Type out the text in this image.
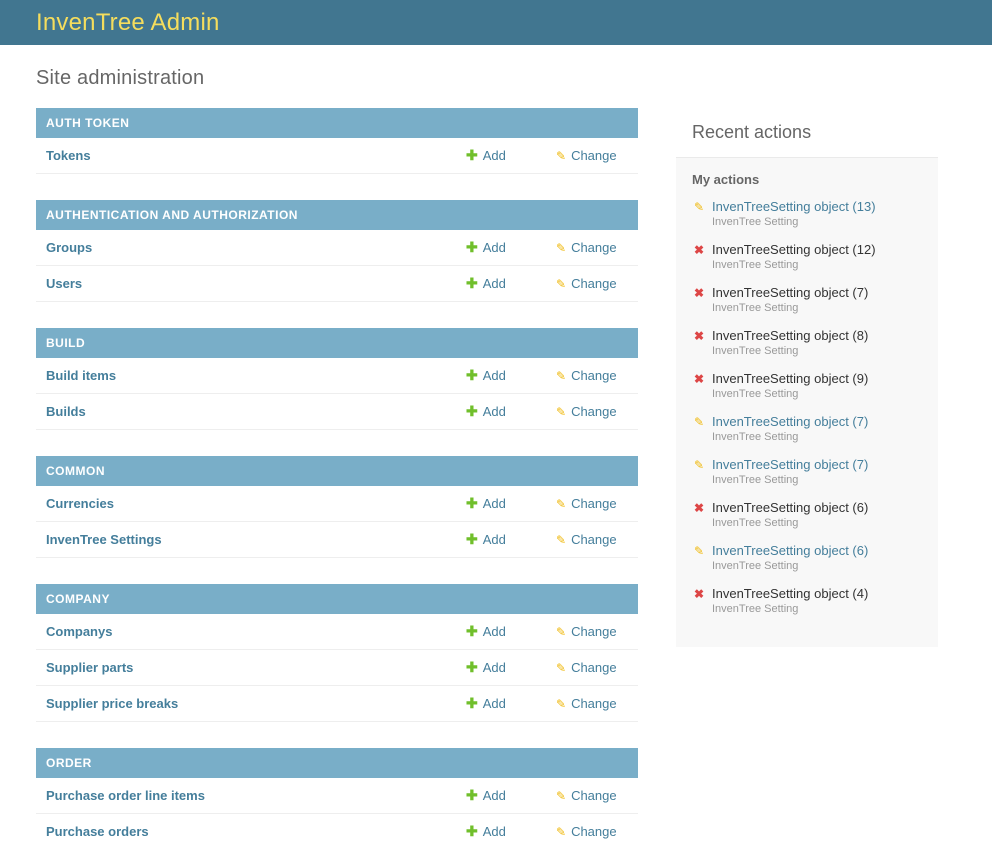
InvenTree Admin
Site administration
AUTH TOKEN
Tokens	✚ Add	✎ Change
AUTHENTICATION AND AUTHORIZATION
Groups	✚ Add	✎ Change
Users	✚ Add	✎ Change
BUILD
Build items	✚ Add	✎ Change
Builds	✚ Add	✎ Change
COMMON
Currencies	✚ Add	✎ Change
InvenTree Settings	✚ Add	✎ Change
COMPANY
Companys	✚ Add	✎ Change
Supplier parts	✚ Add	✎ Change
Supplier price breaks	✚ Add	✎ Change
ORDER
Purchase order line items	✚ Add	✎ Change
Purchase orders	✚ Add	✎ Change
Recent actions
My actions
✎ InvenTreeSetting object (13)
InvenTree Setting
✖ InvenTreeSetting object (12)
InvenTree Setting
✖ InvenTreeSetting object (7)
InvenTree Setting
✖ InvenTreeSetting object (8)
InvenTree Setting
✖ InvenTreeSetting object (9)
InvenTree Setting
✎ InvenTreeSetting object (7)
InvenTree Setting
✎ InvenTreeSetting object (7)
InvenTree Setting
✖ InvenTreeSetting object (6)
InvenTree Setting
✎ InvenTreeSetting object (6)
InvenTree Setting
✖ InvenTreeSetting object (4)
InvenTree Setting
